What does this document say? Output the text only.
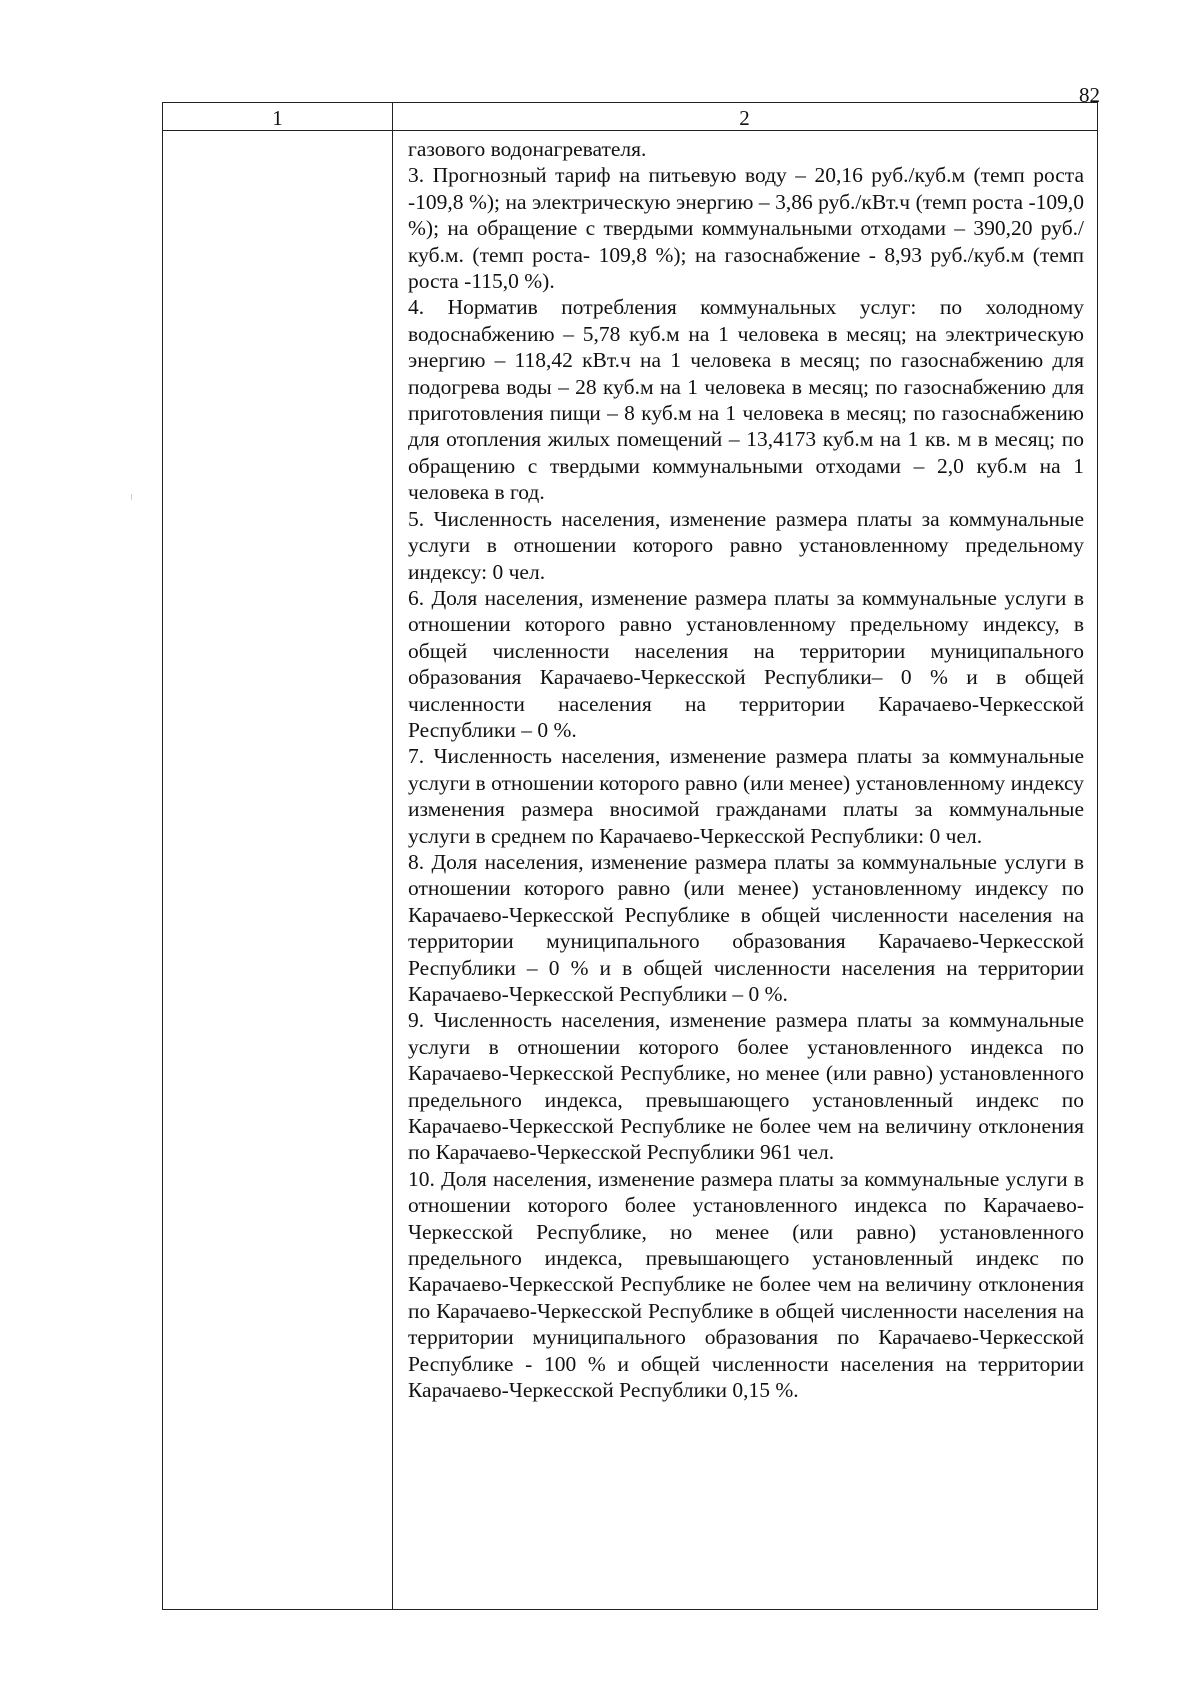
82
1	2

газового водонагревателя.

3. Прогнозный тариф на питьевую воду – 20,16 руб./куб.м (темп роста -109,8 %); на электрическую энергию – 3,86 руб./кВт.ч (темп роста -109,0 %); на обращение с твердыми коммунальными отходами – 390,20 руб./куб.м. (темп роста- 109,8 %); на газоснабжение - 8,93 руб./куб.м (темп роста -115,0 %).

4. Норматив потребления коммунальных услуг: по холодному водоснабжению – 5,78 куб.м на 1 человека в месяц; на электрическую энергию – 118,42 кВт.ч на 1 человека в месяц; по газоснабжению для подогрева воды – 28 куб.м на 1 человека в месяц; по газоснабжению для приготовления пищи – 8 куб.м на 1 человека в месяц; по газоснабжению для отопления жилых помещений – 13,4173 куб.м на 1 кв. м в месяц; по обращению с твердыми коммунальными отходами – 2,0 куб.м на 1 человека в год.

5. Численность населения, изменение размера платы за коммунальные услуги в отношении которого равно установленному предельному индексу: 0 чел.

6. Доля населения, изменение размера платы за коммунальные услуги в отношении которого равно установленному предельному индексу, в общей численности населения на территории муниципального образования Карачаево-Черкесской Республики– 0 % и в общей численности населения на территории Карачаево-Черкесской Республики – 0 %.

7. Численность населения, изменение размера платы за коммунальные услуги в отношении которого равно (или менее) установленному индексу изменения размера вносимой гражданами платы за коммунальные услуги в среднем по Карачаево-Черкесской Республики: 0 чел.

8. Доля населения, изменение размера платы за коммунальные услуги в отношении которого равно (или менее) установленному индексу по Карачаево-Черкесской Республике в общей численности населения на территории муниципального образования Карачаево-Черкесской Республики – 0 % и в общей численности населения на территории Карачаево-Черкесской Республики – 0 %.

9. Численность населения, изменение размера платы за коммунальные услуги в отношении которого более установленного индекса по Карачаево-Черкесской Республике, но менее (или равно) установленного предельного индекса, превышающего установленный индекс по Карачаево-Черкесской Республике не более чем на величину отклонения по Карачаево-Черкесской Республики 961 чел.

10. Доля населения, изменение размера платы за коммунальные услуги в отношении которого более установленного индекса по Карачаево-Черкесской Республике, но менее (или равно) установленного предельного индекса, превышающего установленный индекс по Карачаево-Черкесской Республике не более чем на величину отклонения по Карачаево-Черкесской Республике в общей численности населения на территории муниципального образования по Карачаево-Черкесской Республике - 100 % и общей численности населения на территории Карачаево-Черкесской Республики 0,15 %.
